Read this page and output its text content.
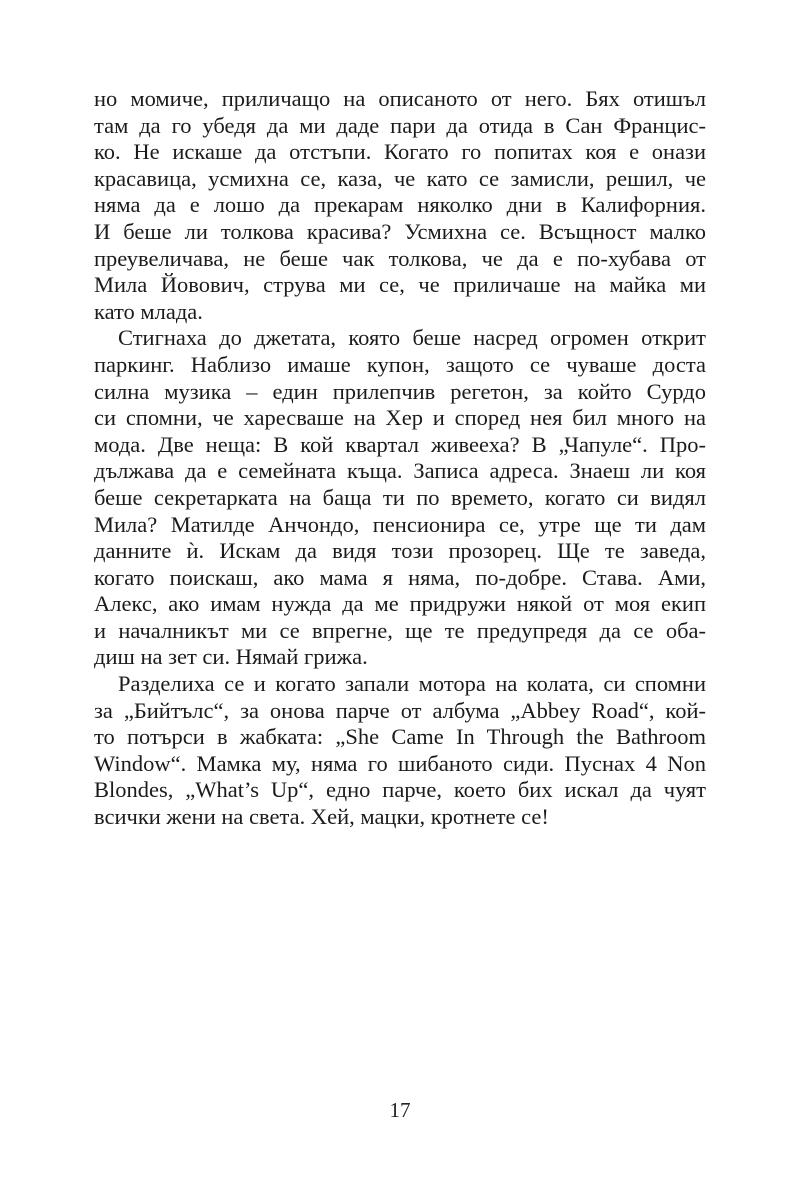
но момиче, приличащо на описаното от него. Бях отишъл
там да го убедя да ми даде пари да отида в Сан Францис-
ко. Не искаше да отстъпи. Когато го попитах коя е онази
красавица, усмихна се, каза, че като се замисли, решил, че
няма да е лошо да прекарам няколко дни в Калифорния.
И беше ли толкова красива? Усмихна се. Всъщност малко
преувеличава, не беше чак толкова, че да е по-хубава от
Мила Йовович, струва ми се, че приличаше на майка ми
като млада.
Стигнаха до джетата, която беше насред огромен открит
паркинг. Наблизо имаше купон, защото се чуваше доста
силна музика – един прилепчив регетон, за който Сурдо
си спомни, че харесваше на Хер и според нея бил много на
мода. Две неща: В кой квартал живееха? В „Чапуле“. Про-
дължава да е семейната къща. Записа адреса. Знаеш ли коя
беше секретарката на баща ти по времето, когато си видял
Мила? Матилде Анчондо, пенсионира се, утре ще ти дам
данните ѝ. Искам да видя този прозорец. Ще те заведа,
когато поискаш, ако мама я няма, по-добре. Става. Ами,
Алекс, ако имам нужда да ме придружи някой от моя екип
и началникът ми се впрегне, ще те предупредя да се оба-
диш на зет си. Нямай грижа.
Разделиха се и когато запали мотора на колата, си спомни
за „Бийтълс“, за онова парче от албума „Abbey Road“, кой-
то потърси в жабката: „She Came In Through the Bathroom
Window“. Мамка му, няма го шибаното сиди. Пуснах 4 Non
Blondes, „What’s Up“, едно парче, което бих искал да чуят
всички жени на света. Хей, мацки, кротнете се!
17
